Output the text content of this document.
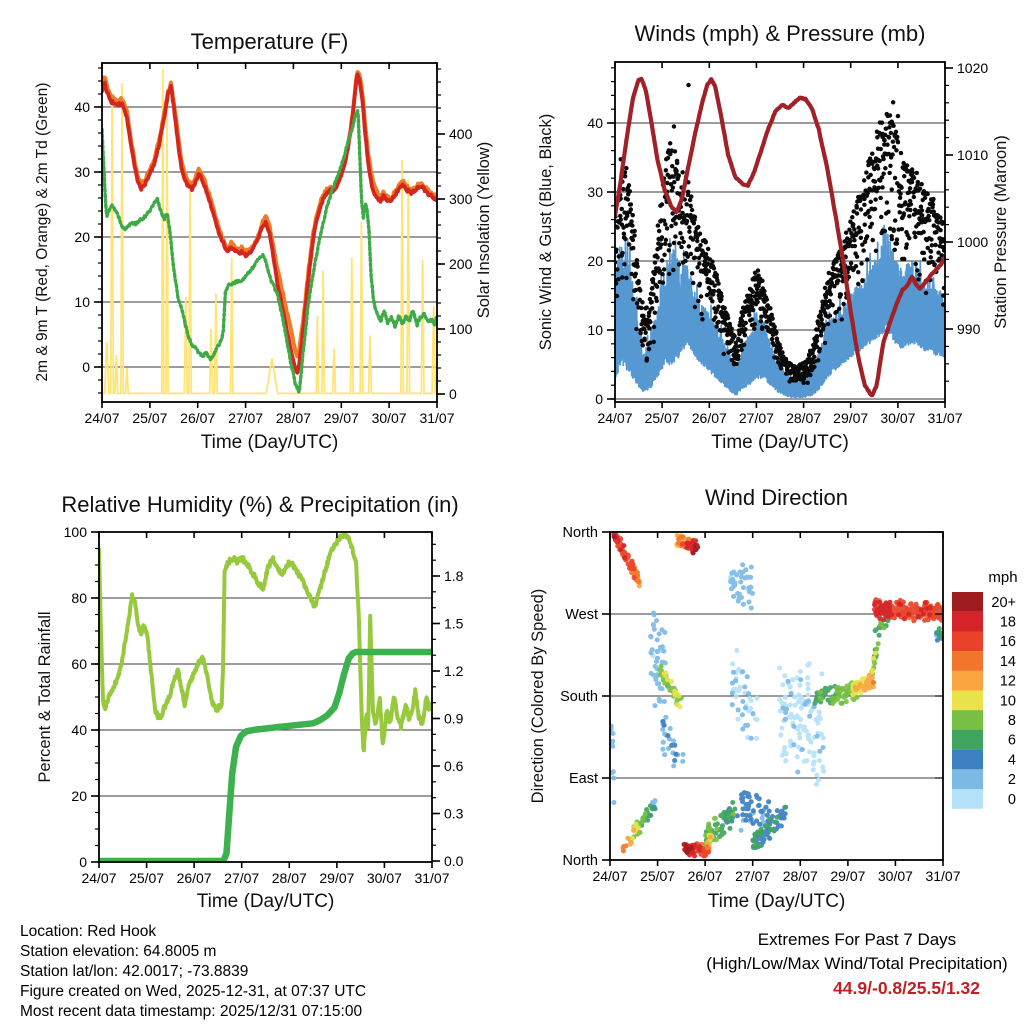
24/07 25/07 26/07 27/07 28/07 29/07 30/07 31/07
0
10
20
30
40
0
100
200
300
400
24/07 25/07 26/07 27/07 28/07 29/07 30/07 31/07
0
10
20
30
40
990
1000
1010
1020
24/07 25/07 26/07 27/07 28/07 29/07 30/07 31/07
0
20
40
60
80
100
0.0
0.3
0.6
0.9
1.2
1.5
1.8
24/07 25/07 26/07 27/07 28/07 29/07 30/07 31/07
North
West
South
East
North
20+
18
16
14
12
10
8
6
4
2
0
Temperature (F)	Winds (mph) & Pressure (mb)
Relative Humidity (%) & Precipitation (in)	Wind Direction
2m & 9m T (Red, Orange) & 2m Td (Green)	Solar Insolation (Yellow)	Sonic Wind & Gust (Blue, Black)	Station Pressure (Maroon)
Percent & Total Rainfall	Direction (Colored By Speed)
Time (Day/UTC)	Time (Day/UTC)
Time (Day/UTC)	Time (Day/UTC)
mph
Location: Red Hook
Station elevation: 64.8005 m
Station lat/lon: 42.0017; -73.8839
Figure created on Wed, 2025-12-31, at 07:37 UTC
Most recent data timestamp: 2025/12/31 07:15:00
Extremes For Past 7 Days
(High/Low/Max Wind/Total Precipitation)
44.9/-0.8/25.5/1.32
